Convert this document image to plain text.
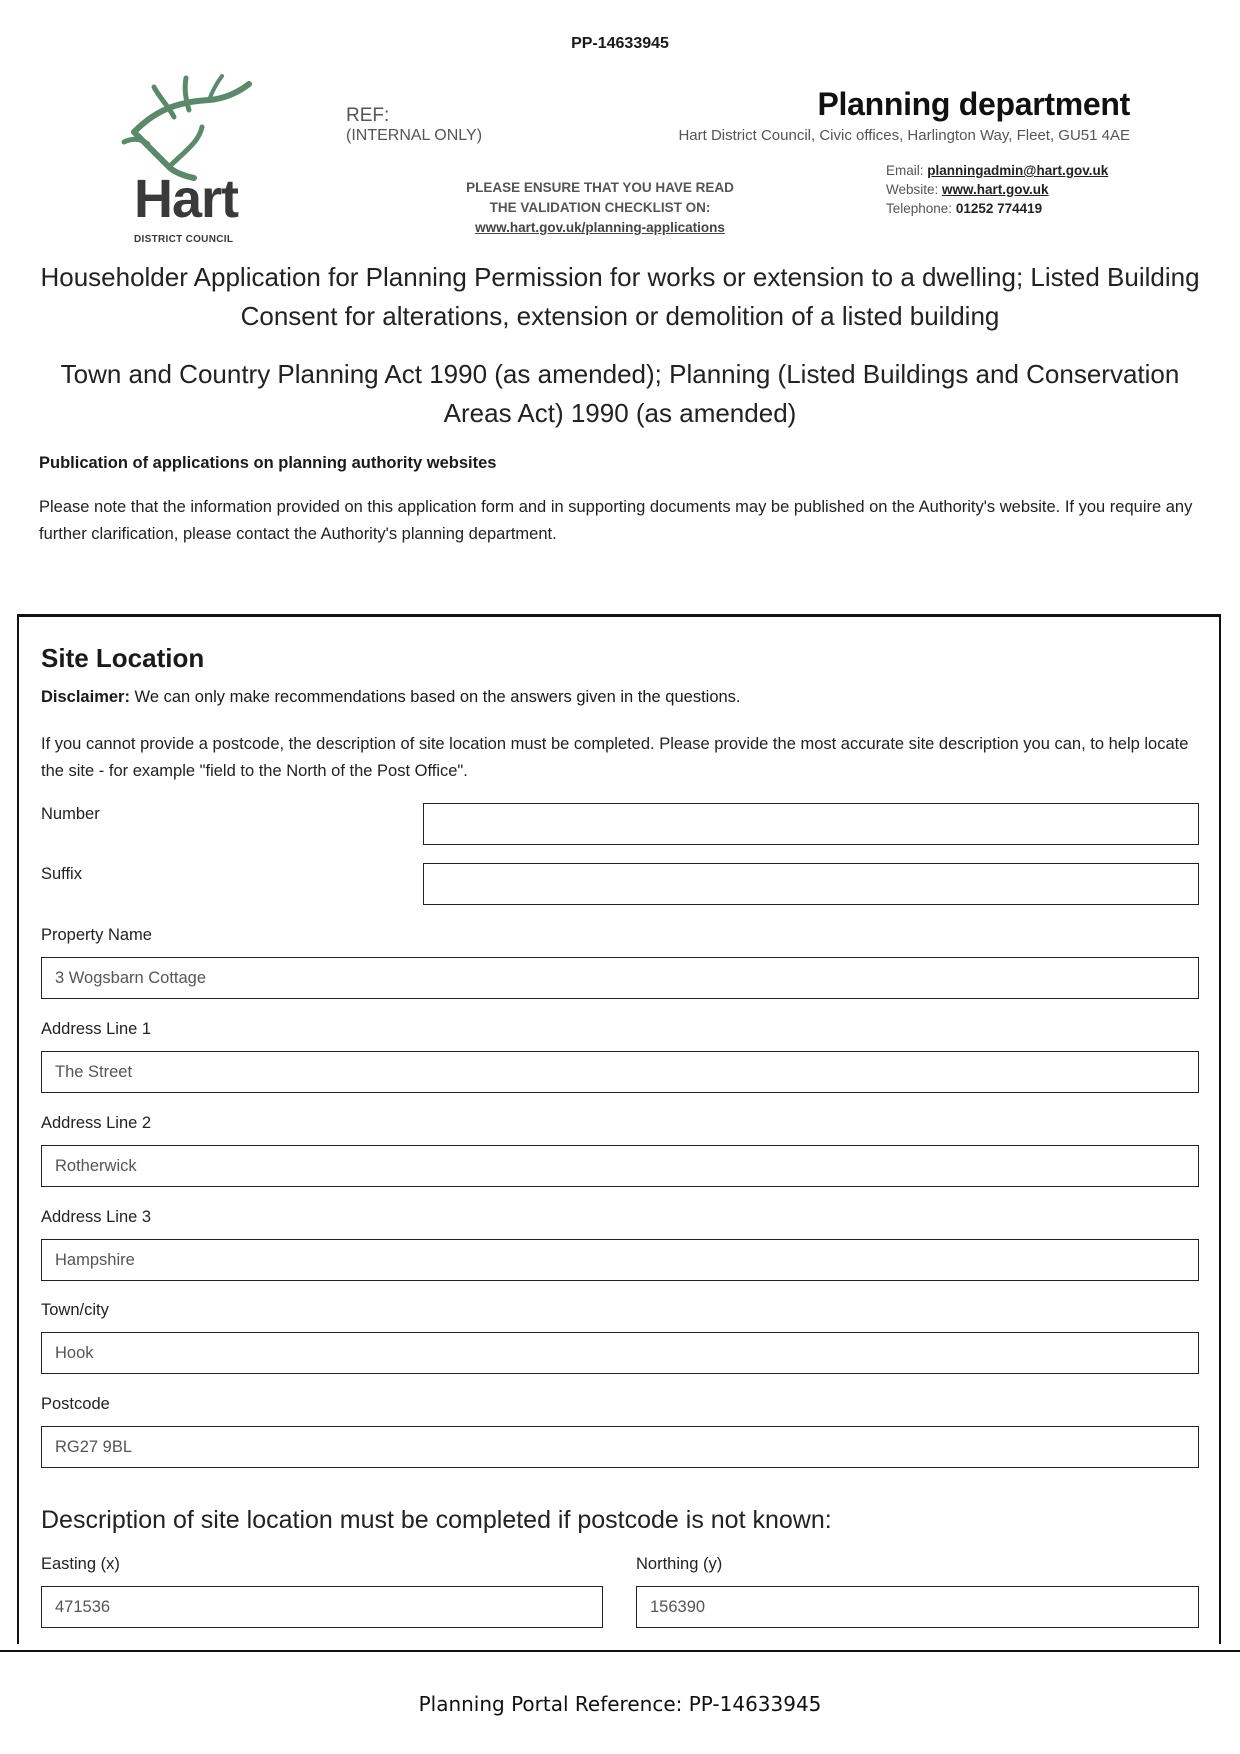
PP-14633945
Hart
DISTRICT COUNCIL
REF:
(INTERNAL ONLY)
PLEASE ENSURE THAT YOU HAVE READ
THE VALIDATION CHECKLIST ON:
www.hart.gov.uk/planning-applications
Planning department
Hart District Council, Civic offices, Harlington Way, Fleet, GU51 4AE
Email: planningadmin@hart.gov.uk
Website: www.hart.gov.uk
Telephone: 01252 774419
Householder Application for Planning Permission for works or extension to a dwelling; Listed Building Consent for alterations, extension or demolition of a listed building
Town and Country Planning Act 1990 (as amended); Planning (Listed Buildings and Conservation Areas Act) 1990 (as amended)
Publication of applications on planning authority websites
Please note that the information provided on this application form and in supporting documents may be published on the Authority's website. If you require any further clarification, please contact the Authority's planning department.
Site Location
Disclaimer: We can only make recommendations based on the answers given in the questions.
If you cannot provide a postcode, the description of site location must be completed. Please provide the most accurate site description you can, to help locate the site - for example "field to the North of the Post Office".
Number
Suffix
Property Name
3 Wogsbarn Cottage
Address Line 1
The Street
Address Line 2
Rotherwick
Address Line 3
Hampshire
Town/city
Hook
Postcode
RG27 9BL
Description of site location must be completed if postcode is not known:
Easting (x)
471536
Northing (y)
156390
Planning Portal Reference: PP-14633945
